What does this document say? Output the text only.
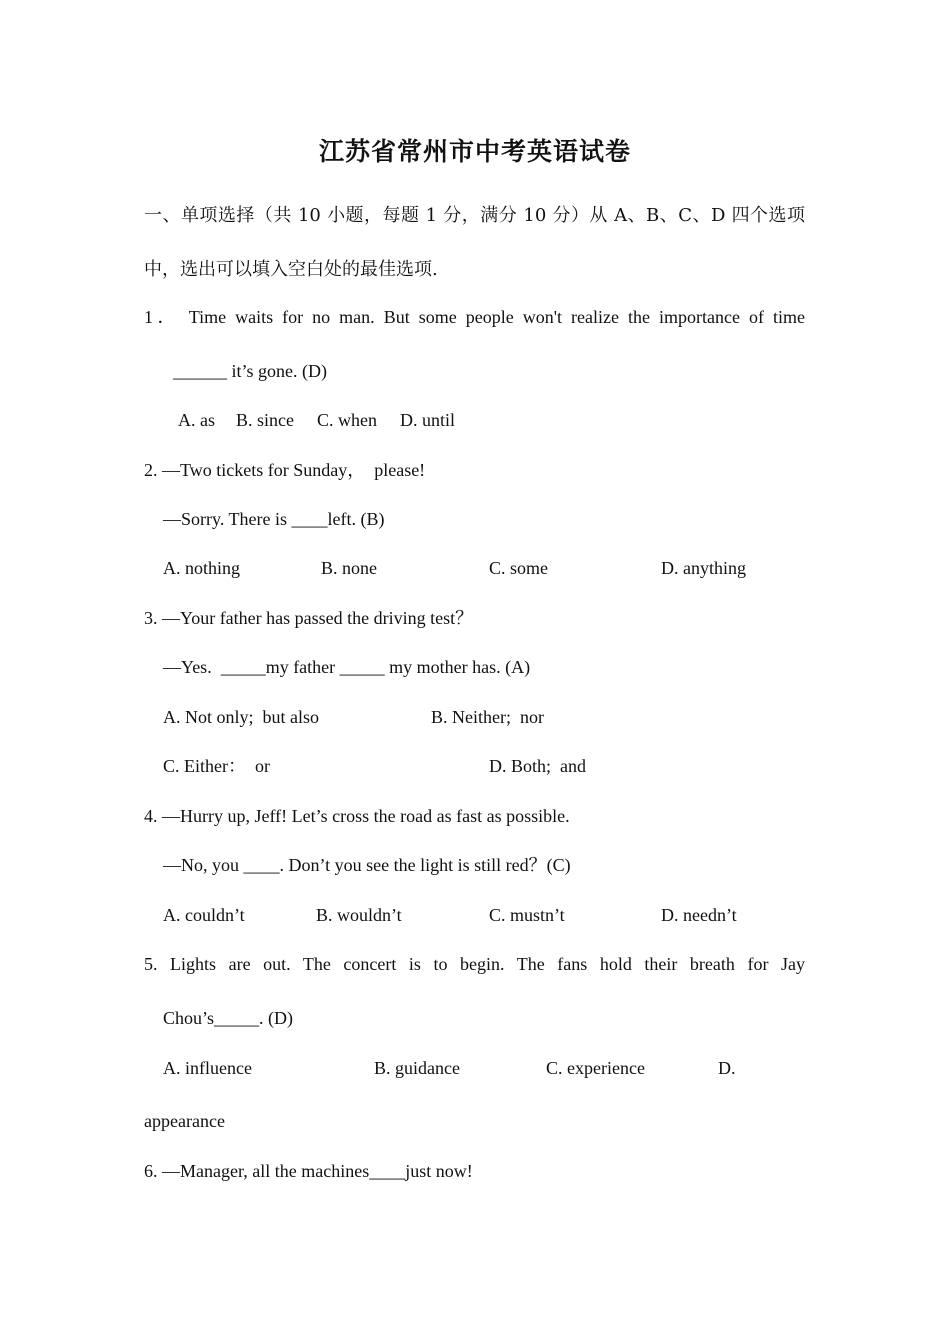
江苏省常州市中考英语试卷
一、单项选择（共 10 小题，每题 1 分，满分 10 分）从 A、B、C、D 四个选项
中，选出可以填入空白处的最佳选项.
1． Time waits for no man. But some people won't realize the importance of time
______ it’s gone. (D)
A. as B. since C. when D. until
2. —Two tickets for Sunday，  please!
—Sorry. There is ____left. (B)
A. nothing	B. none	C. some	D. anything
3. —Your father has passed the driving test？
—Yes.  _____my father _____ my mother has. (A)
A. Not only;  but also	B. Neither;  nor
C. Either：  or	D. Both;  and
4. —Hurry up, Jeff! Let’s cross the road as fast as possible.
—No, you ____. Don’t you see the light is still red？(C)
A. couldn’t	B. wouldn’t	C. mustn’t	D. needn’t
5. Lights are out. The concert is to begin. The fans hold their breath for Jay
Chou’s_____. (D)
A. influence	B. guidance	C. experience	D.
appearance
6. —Manager, all the machines____just now!
